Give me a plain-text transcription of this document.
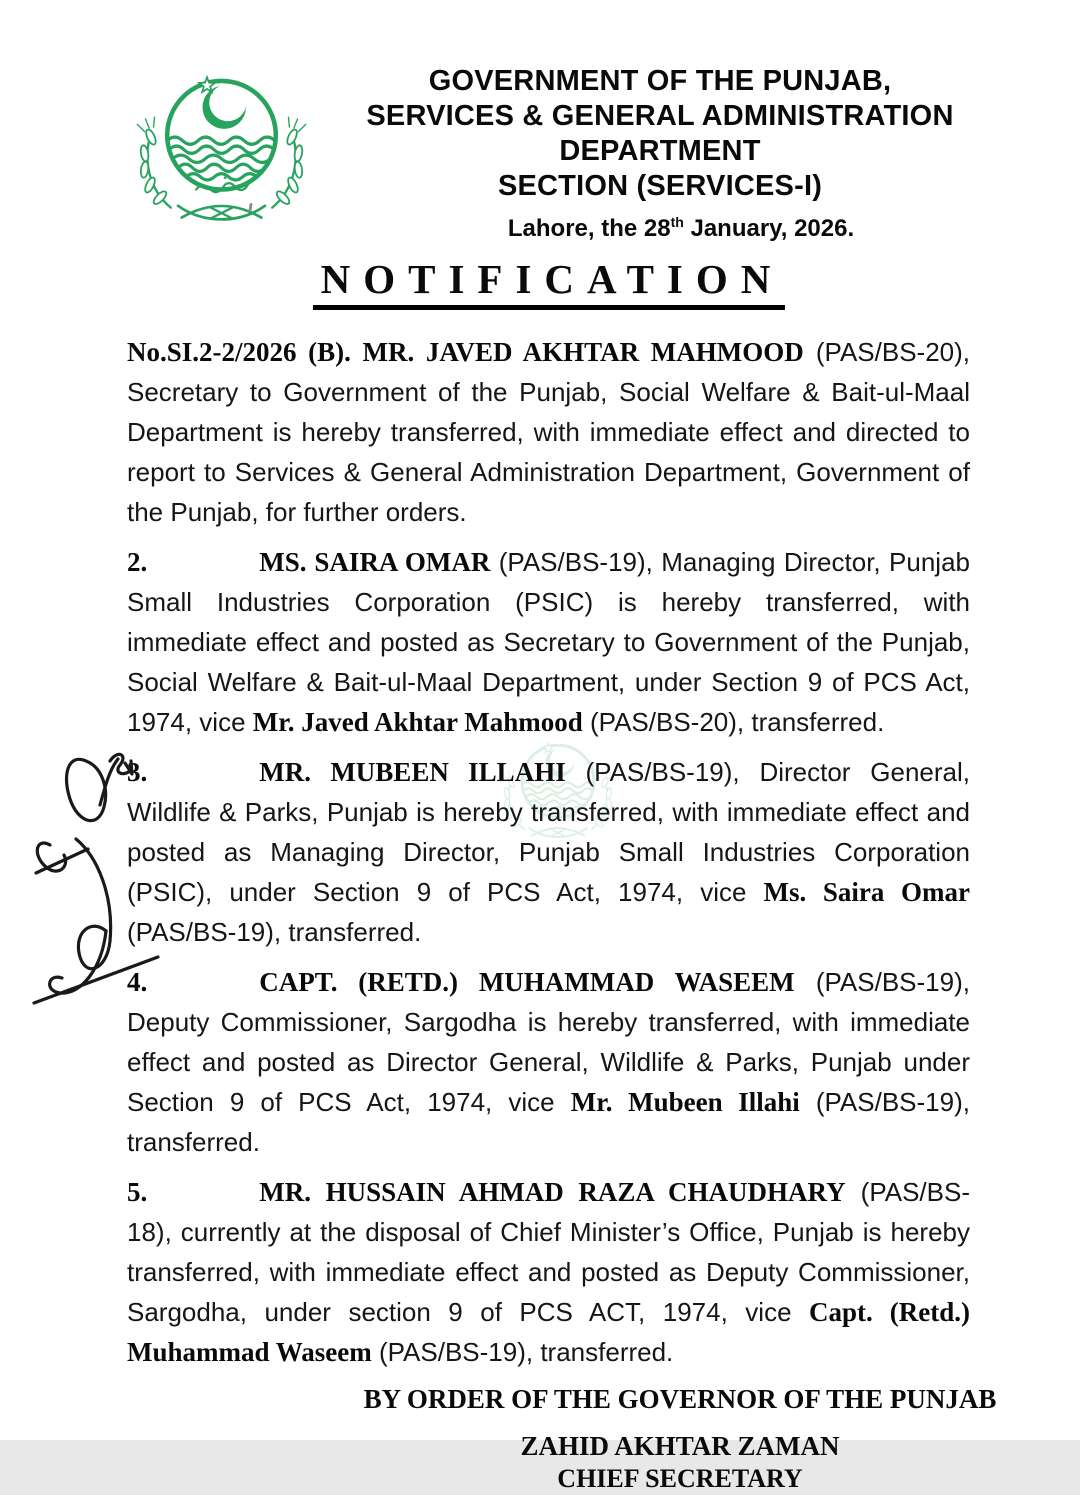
GOVERNMENT OF THE PUNJAB,
SERVICES & GENERAL ADMINISTRATION
DEPARTMENT
SECTION (SERVICES-I)
Lahore, the 28th January, 2026.
NOTIFICATION

No.SI.2-2/2026 (B). MR. JAVED AKHTAR MAHMOOD (PAS/BS-20), Secretary to Government of the Punjab, Social Welfare & Bait-ul-Maal Department is hereby transferred, with immediate effect and directed to report to Services & General Administration Department, Government of the Punjab, for further orders.

2.	MS. SAIRA OMAR (PAS/BS-19), Managing Director, Punjab Small Industries Corporation (PSIC) is hereby transferred, with immediate effect and posted as Secretary to Government of the Punjab, Social Welfare & Bait-ul-Maal Department, under Section 9 of PCS Act, 1974, vice Mr. Javed Akhtar Mahmood (PAS/BS-20), transferred.

3.	MR. MUBEEN ILLAHI (PAS/BS-19), Director General, Wildlife & Parks, Punjab is hereby transferred, with immediate effect and posted as Managing Director, Punjab Small Industries Corporation (PSIC), under Section 9 of PCS Act, 1974, vice Ms. Saira Omar (PAS/BS-19), transferred.

4.	CAPT. (RETD.) MUHAMMAD WASEEM (PAS/BS-19), Deputy Commissioner, Sargodha is hereby transferred, with immediate effect and posted as Director General, Wildlife & Parks, Punjab under Section 9 of PCS Act, 1974, vice Mr. Mubeen Illahi (PAS/BS-19), transferred.

5.	MR. HUSSAIN AHMAD RAZA CHAUDHARY (PAS/BS-18), currently at the disposal of Chief Minister’s Office, Punjab is hereby transferred, with immediate effect and posted as Deputy Commissioner, Sargodha, under section 9 of PCS ACT, 1974, vice Capt. (Retd.) Muhammad Waseem (PAS/BS-19), transferred.

BY ORDER OF THE GOVERNOR OF THE PUNJAB
ZAHID AKHTAR ZAMAN
CHIEF SECRETARY
